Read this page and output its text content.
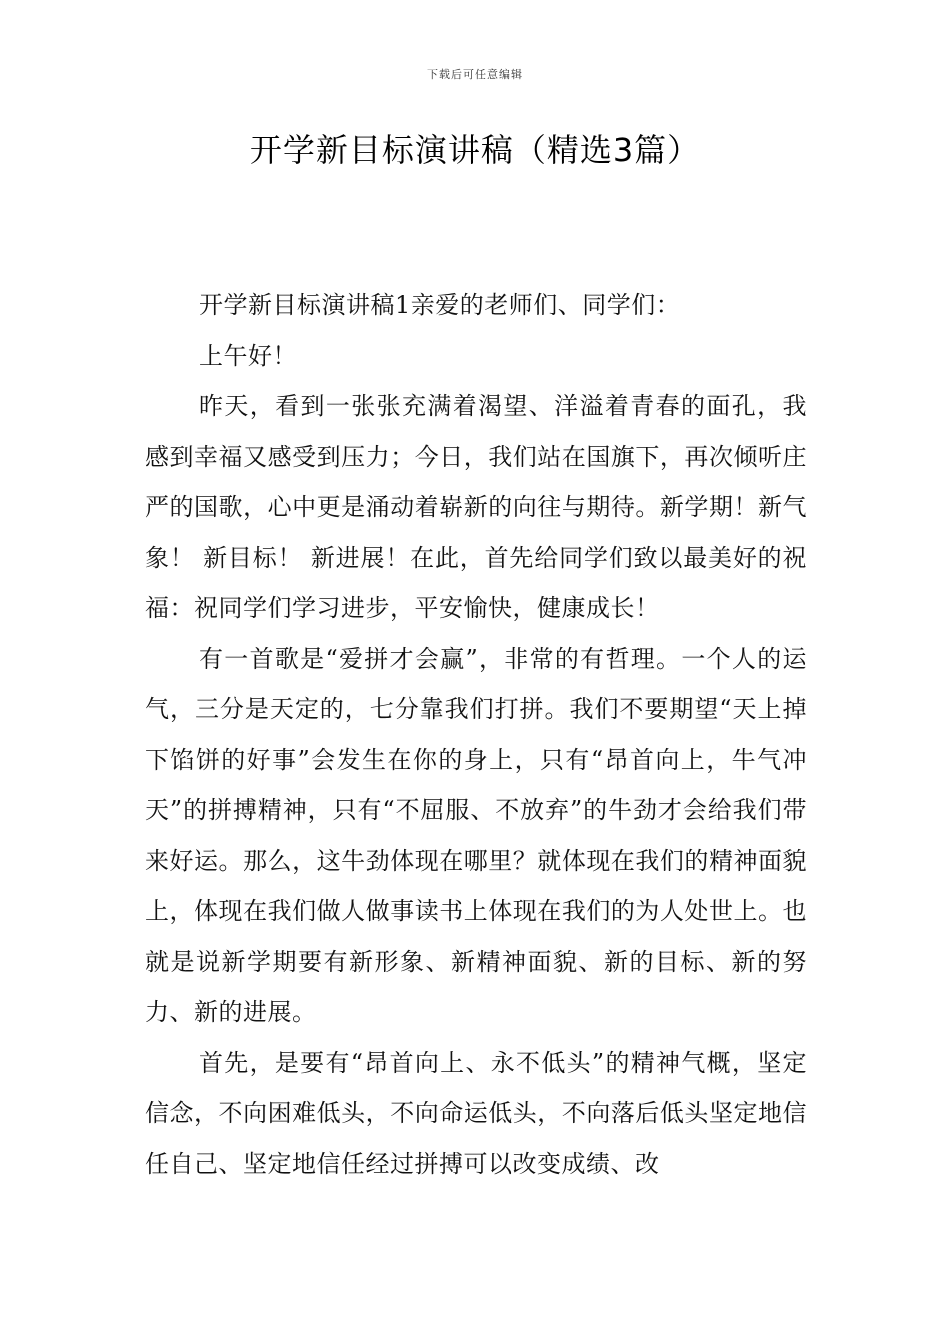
下载后可任意编辑
开学新目标演讲稿（精选3篇）

开学新目标演讲稿1亲爱的老师们、同学们：

上午好！

昨天，看到一张张充满着渴望、洋溢着青春的面孔，我感到幸福又感受到压力；今日，我们站在国旗下，再次倾听庄严的国歌，心中更是涌动着崭新的向往与期待。新学期！新气象！ 新目标！ 新进展！在此，首先给同学们致以最美好的祝福：祝同学们学习进步，平安愉快，健康成长！

有一首歌是“爱拼才会赢”，非常的有哲理。一个人的运气，三分是天定的，七分靠我们打拼。我们不要期望“天上掉下馅饼的好事”会发生在你的身上，只有“昂首向上，牛气冲天”的拼搏精神，只有“不屈服、不放弃”的牛劲才会给我们带来好运。那么，这牛劲体现在哪里？就体现在我们的精神面貌上，体现在我们做人做事读书上体现在我们的为人处世上。也就是说新学期要有新形象、新精神面貌、新的目标、新的努力、新的进展。

首先，是要有“昂首向上、永不低头”的精神气概，坚定信念，不向困难低头，不向命运低头，不向落后低头坚定地信任自己、坚定地信任经过拼搏可以改变成绩、改
